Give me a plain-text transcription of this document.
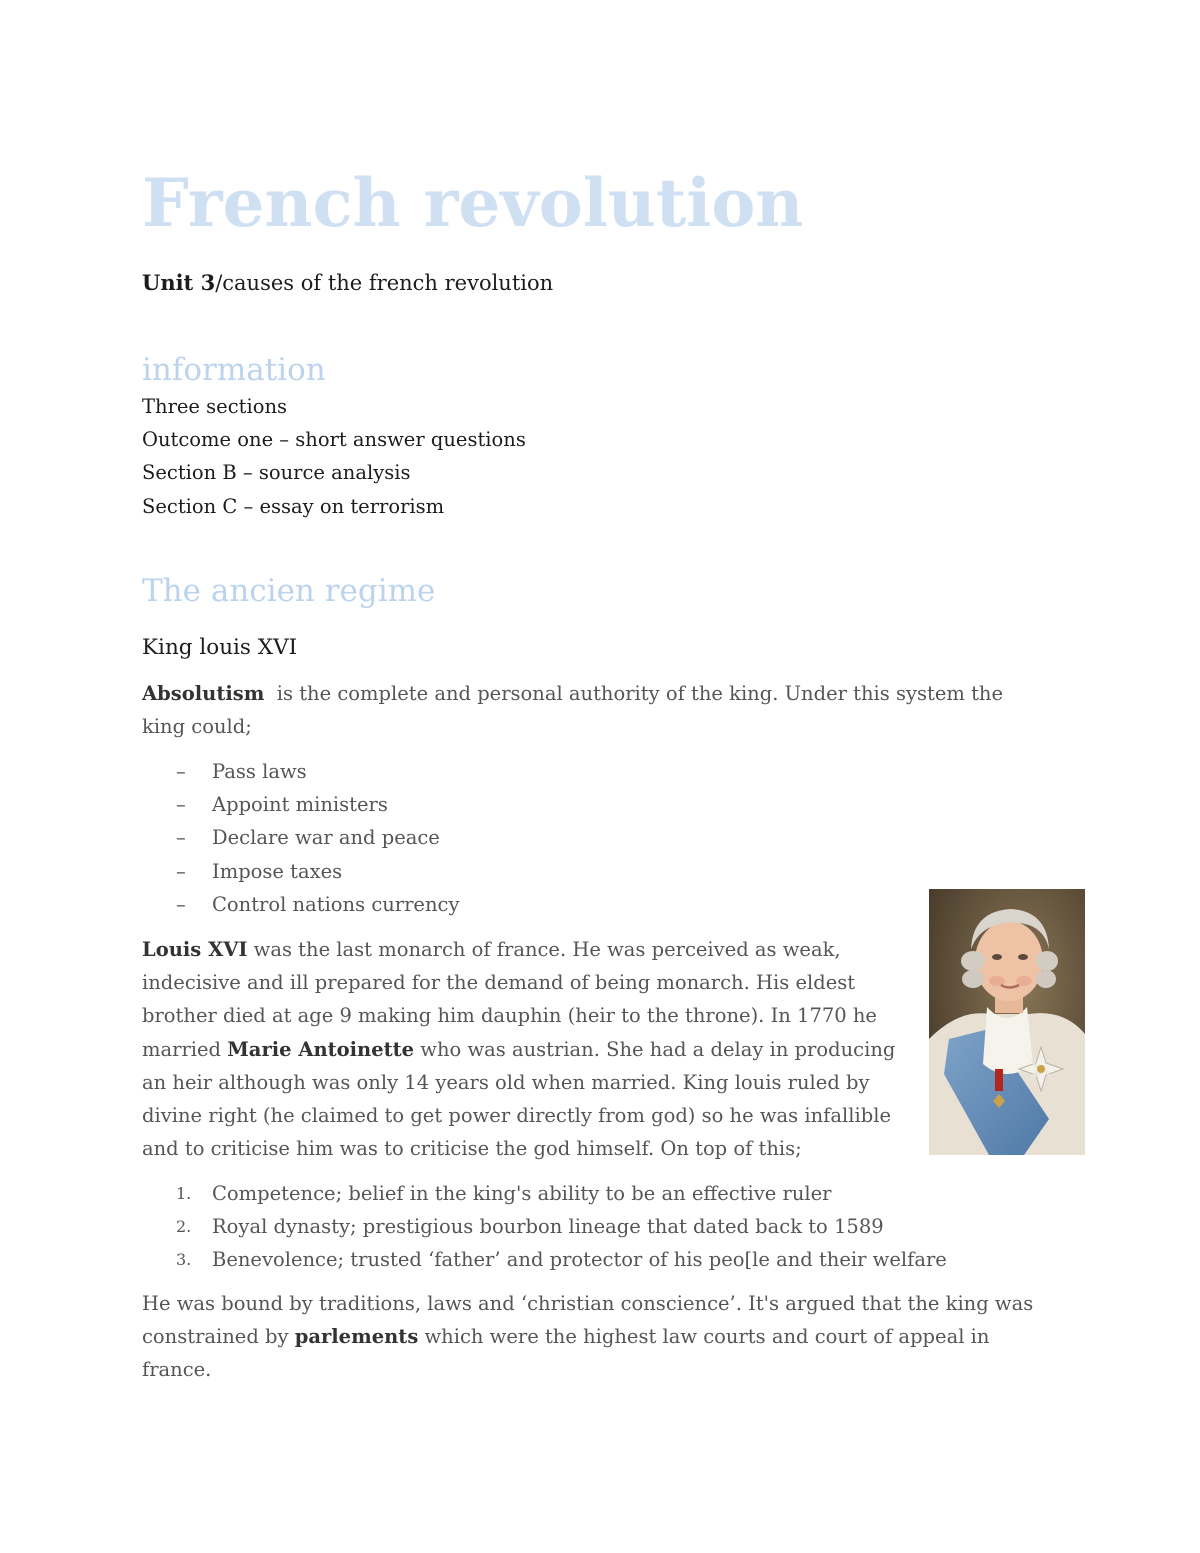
French revolution
Unit 3/causes of the french revolution
information
Three sections
Outcome one – short answer questions
Section B – source analysis
Section C – essay on terrorism
The ancien regime
King louis XVI

Absolutism  is the complete and personal authority of the king. Under this system the king could;

– Pass laws
– Appoint ministers
– Declare war and peace
– Impose taxes
– Control nations currency

Louis XVI was the last monarch of france. He was perceived as weak, indecisive and ill prepared for the demand of being monarch. His eldest brother died at age 9 making him dauphin (heir to the throne). In 1770 he married Marie Antoinette who was austrian. She had a delay in producing an heir although was only 14 years old when married. King louis ruled by divine right (he claimed to get power directly from god) so he was infallible and to criticise him was to criticise the god himself. On top of this;

1. Competence; belief in the king's ability to be an effective ruler
2. Royal dynasty; prestigious bourbon lineage that dated back to 1589
3. Benevolence; trusted ‘father’ and protector of his peo[le and their welfare

He was bound by traditions, laws and ‘christian conscience’. It's argued that the king was constrained by parlements which were the highest law courts and court of appeal in france.
